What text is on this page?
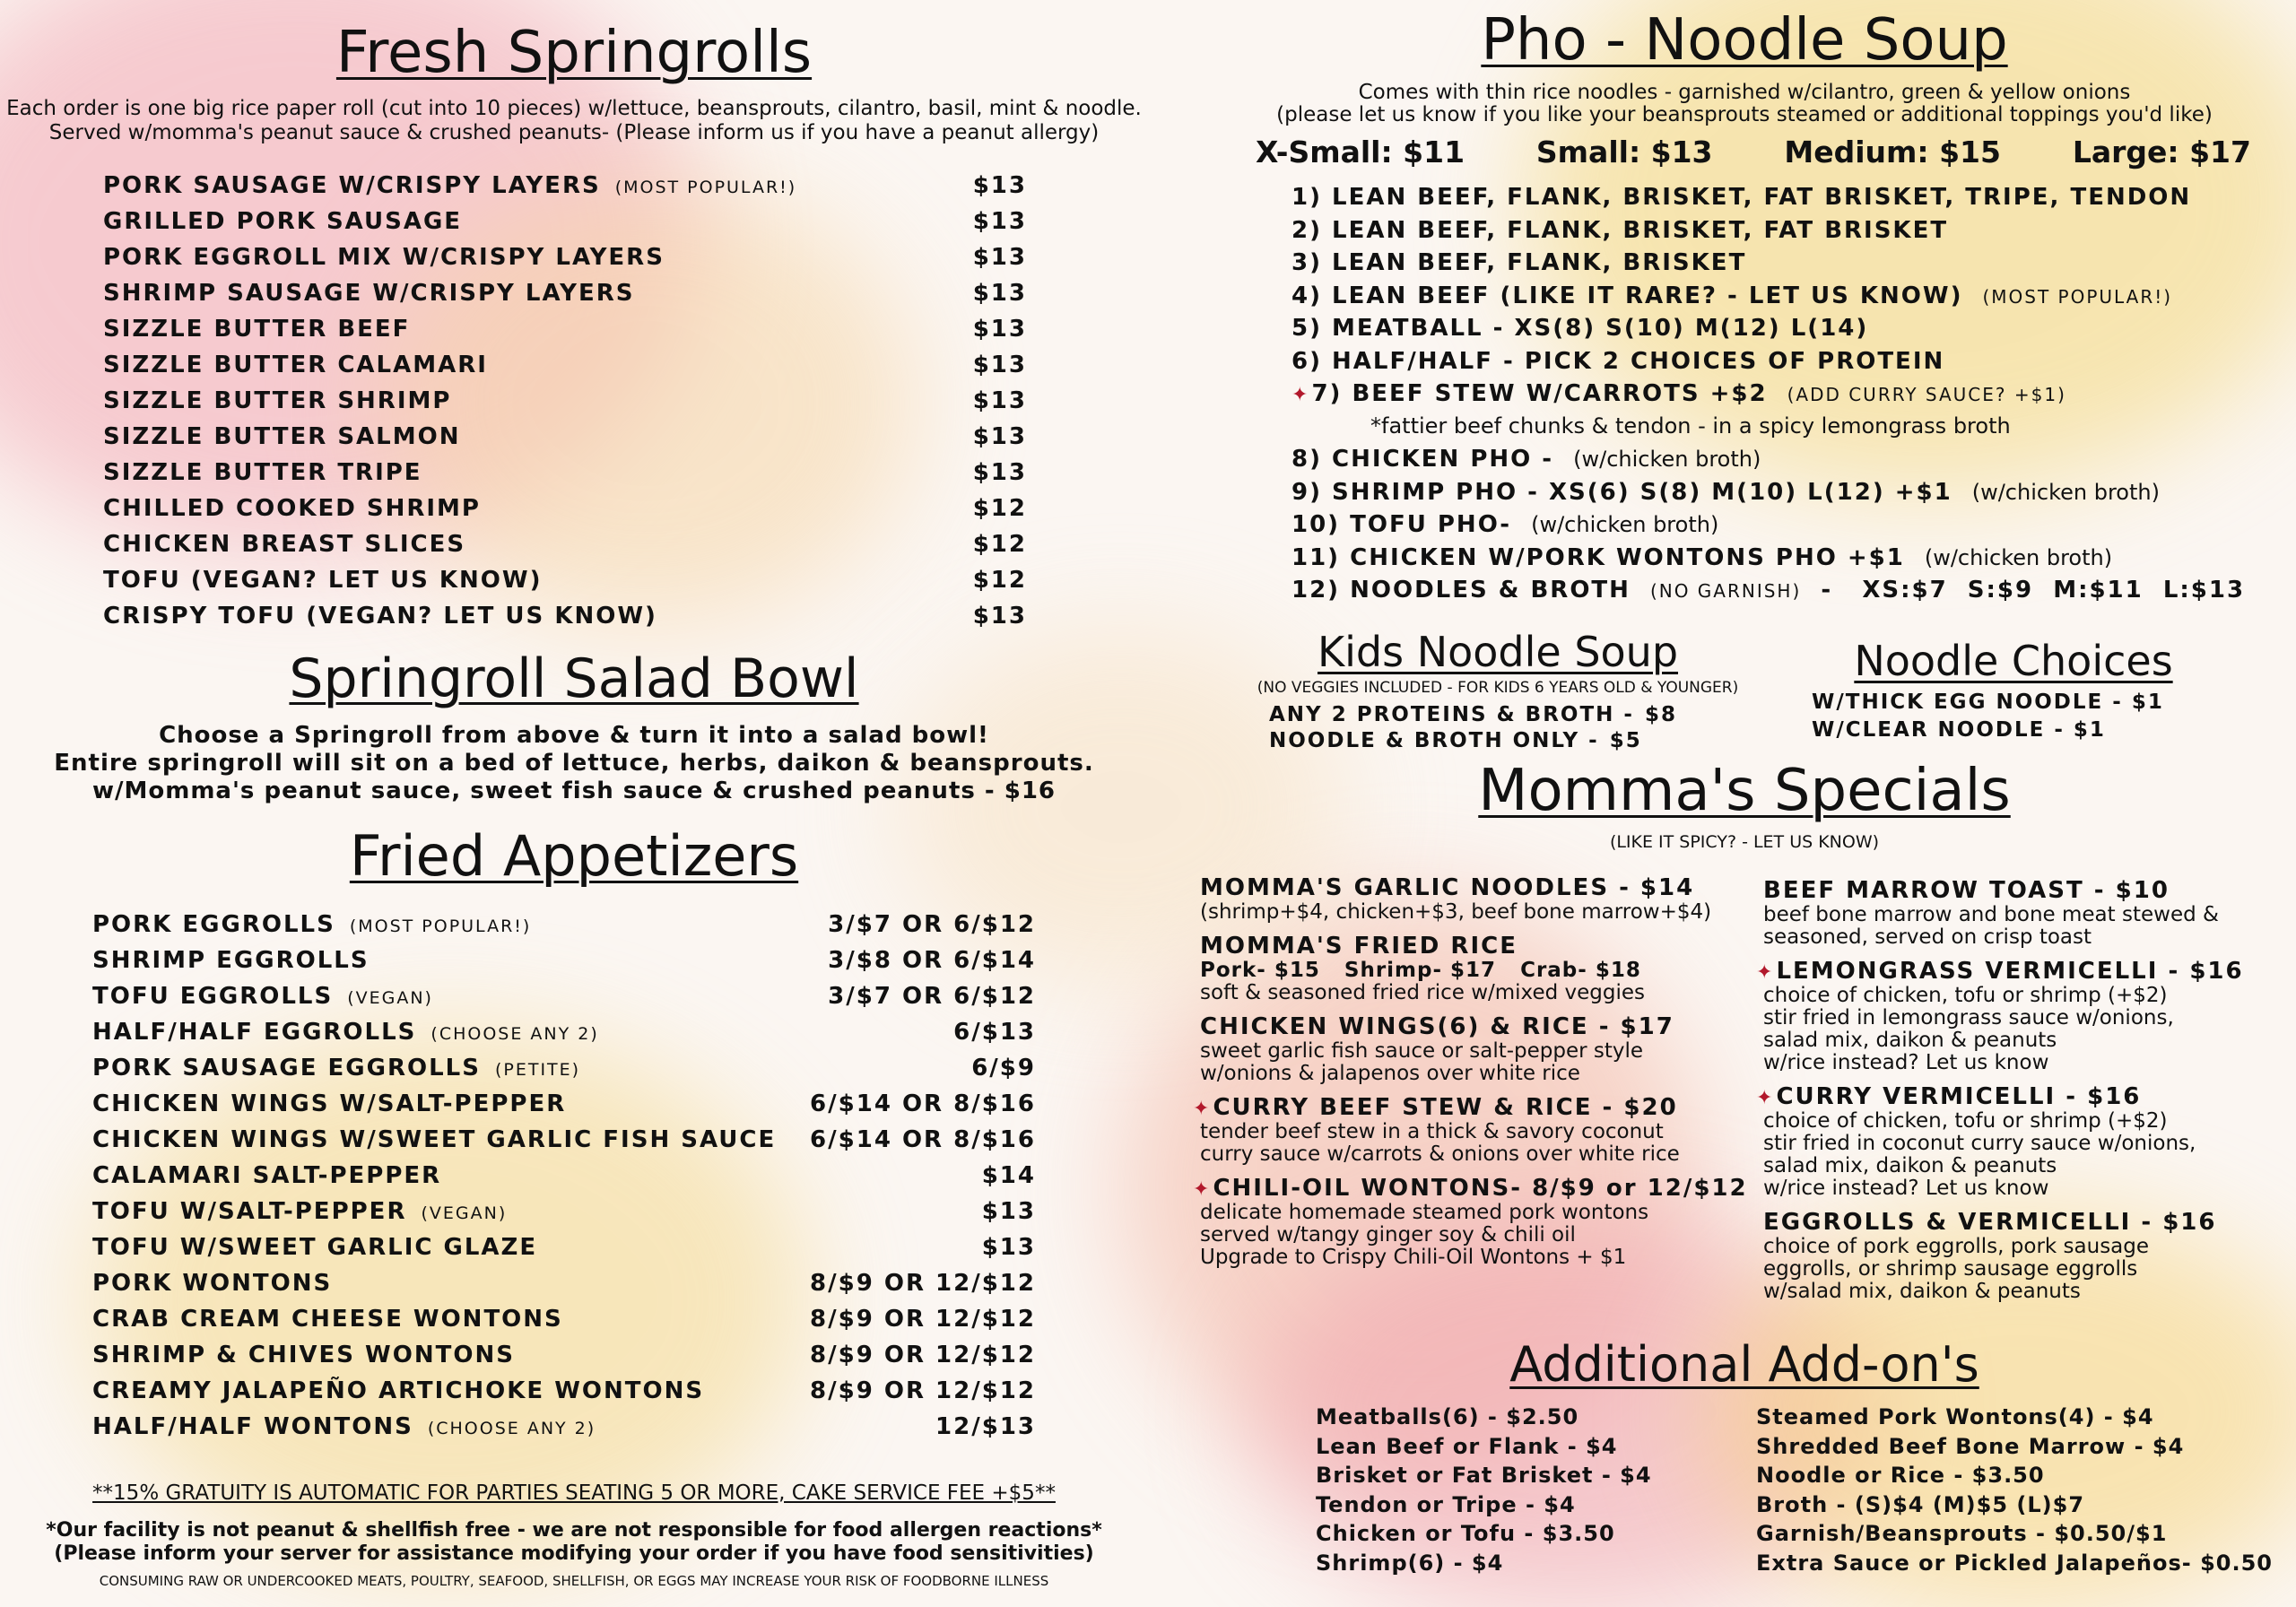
Fresh Springrolls
Each order is one big rice paper roll (cut into 10 pieces) w/lettuce, beansprouts, cilantro, basil, mint & noodle.
Served w/momma's peanut sauce & crushed peanuts- (Please inform us if you have a peanut allergy)
PORK SAUSAGE W/CRISPY LAYERS (MOST POPULAR!)	$13
GRILLED PORK SAUSAGE	$13
PORK EGGROLL MIX W/CRISPY LAYERS	$13
SHRIMP SAUSAGE W/CRISPY LAYERS	$13
SIZZLE BUTTER BEEF	$13
SIZZLE BUTTER CALAMARI	$13
SIZZLE BUTTER SHRIMP	$13
SIZZLE BUTTER SALMON	$13
SIZZLE BUTTER TRIPE	$13
CHILLED COOKED SHRIMP	$12
CHICKEN BREAST SLICES	$12
TOFU (VEGAN? LET US KNOW)	$12
CRISPY TOFU (VEGAN? LET US KNOW)	$13
Springroll Salad Bowl
Choose a Springroll from above & turn it into a salad bowl!
Entire springroll will sit on a bed of lettuce, herbs, daikon & beansprouts.
w/Momma's peanut sauce, sweet fish sauce & crushed peanuts - $16
Fried Appetizers
PORK EGGROLLS (MOST POPULAR!)	3/$7 OR 6/$12
SHRIMP EGGROLLS	3/$8 OR 6/$14
TOFU EGGROLLS (VEGAN)	3/$7 OR 6/$12
HALF/HALF EGGROLLS (CHOOSE ANY 2)	6/$13
PORK SAUSAGE EGGROLLS (PETITE)	6/$9
CHICKEN WINGS W/SALT-PEPPER	6/$14 OR 8/$16
CHICKEN WINGS W/SWEET GARLIC FISH SAUCE 6/$14 OR 8/$16
CALAMARI SALT-PEPPER	$14
TOFU W/SALT-PEPPER (VEGAN)	$13
TOFU W/SWEET GARLIC GLAZE	$13
PORK WONTONS	8/$9 OR 12/$12
CRAB CREAM CHEESE WONTONS	8/$9 OR 12/$12
SHRIMP & CHIVES WONTONS	8/$9 OR 12/$12
CREAMY JALAPEÑO ARTICHOKE WONTONS	8/$9 OR 12/$12
HALF/HALF WONTONS (CHOOSE ANY 2)	12/$13
**15% GRATUITY IS AUTOMATIC FOR PARTIES SEATING 5 OR MORE, CAKE SERVICE FEE +$5**
*Our facility is not peanut & shellfish free - we are not responsible for food allergen reactions*
(Please inform your server for assistance modifying your order if you have food sensitivities)
CONSUMING RAW OR UNDERCOOKED MEATS, POULTRY, SEAFOOD, SHELLFISH, OR EGGS MAY INCREASE YOUR RISK OF FOODBORNE ILLNESS
Pho - Noodle Soup
Comes with thin rice noodles - garnished w/cilantro, green & yellow onions
(please let us know if you like your beansprouts steamed or additional toppings you'd like)
X-Small: $11 Small: $13 Medium: $15 Large: $17
1) LEAN BEEF, FLANK, BRISKET, FAT BRISKET, TRIPE, TENDON
2) LEAN BEEF, FLANK, BRISKET, FAT BRISKET
3) LEAN BEEF, FLANK, BRISKET
4) LEAN BEEF (LIKE IT RARE? - LET US KNOW) (MOST POPULAR!)
5) MEATBALL - XS(8) S(10) M(12) L(14)
6) HALF/HALF - PICK 2 CHOICES OF PROTEIN
✦ 7) BEEF STEW W/CARROTS +$2 (ADD CURRY SAUCE? +$1)
*fattier beef chunks & tendon - in a spicy lemongrass broth
8) CHICKEN PHO - (w/chicken broth)
9) SHRIMP PHO - XS(6) S(8) M(10) L(12) +$1 (w/chicken broth)
10) TOFU PHO- (w/chicken broth)
11) CHICKEN W/PORK WONTONS PHO +$1 (w/chicken broth)
12) NOODLES & BROTH (NO GARNISH)  -   XS:$7  S:$9  M:$11  L:$13
Kids Noodle Soup
(NO VEGGIES INCLUDED - FOR KIDS 6 YEARS OLD & YOUNGER)
ANY 2 PROTEINS & BROTH - $8
NOODLE & BROTH ONLY - $5
Noodle Choices
W/THICK EGG NOODLE - $1
W/CLEAR NOODLE - $1
Momma's Specials
(LIKE IT SPICY? - LET US KNOW)
MOMMA'S GARLIC NOODLES - $14
(shrimp+$4, chicken+$3, beef bone marrow+$4)
MOMMA'S FRIED RICE
Pork- $15   Shrimp- $17   Crab- $18
soft & seasoned fried rice w/mixed veggies
CHICKEN WINGS(6) & RICE - $17
sweet garlic fish sauce or salt-pepper style
w/onions & jalapenos over white rice
✦ CURRY BEEF STEW & RICE - $20
tender beef stew in a thick & savory coconut
curry sauce w/carrots & onions over white rice
✦ CHILI-OIL WONTONS- 8/$9 or 12/$12
delicate homemade steamed pork wontons
served w/tangy ginger soy & chili oil
Upgrade to Crispy Chili-Oil Wontons + $1
BEEF MARROW TOAST - $10
beef bone marrow and bone meat stewed &
seasoned, served on crisp toast
✦ LEMONGRASS VERMICELLI - $16
choice of chicken, tofu or shrimp (+$2)
stir fried in lemongrass sauce w/onions,
salad mix, daikon & peanuts
w/rice instead? Let us know
✦ CURRY VERMICELLI - $16
choice of chicken, tofu or shrimp (+$2)
stir fried in coconut curry sauce w/onions,
salad mix, daikon & peanuts
w/rice instead? Let us know
EGGROLLS & VERMICELLI - $16
choice of pork eggrolls, pork sausage
eggrolls, or shrimp sausage eggrolls
w/salad mix, daikon & peanuts
Additional Add-on's
Meatballs(6) - $2.50
Lean Beef or Flank - $4
Brisket or Fat Brisket - $4
Tendon or Tripe - $4
Chicken or Tofu - $3.50
Shrimp(6) - $4
Steamed Pork Wontons(4) - $4
Shredded Beef Bone Marrow - $4
Noodle or Rice - $3.50
Broth - (S)$4 (M)$5 (L)$7
Garnish/Beansprouts - $0.50/$1
Extra Sauce or Pickled Jalapeños- $0.50
